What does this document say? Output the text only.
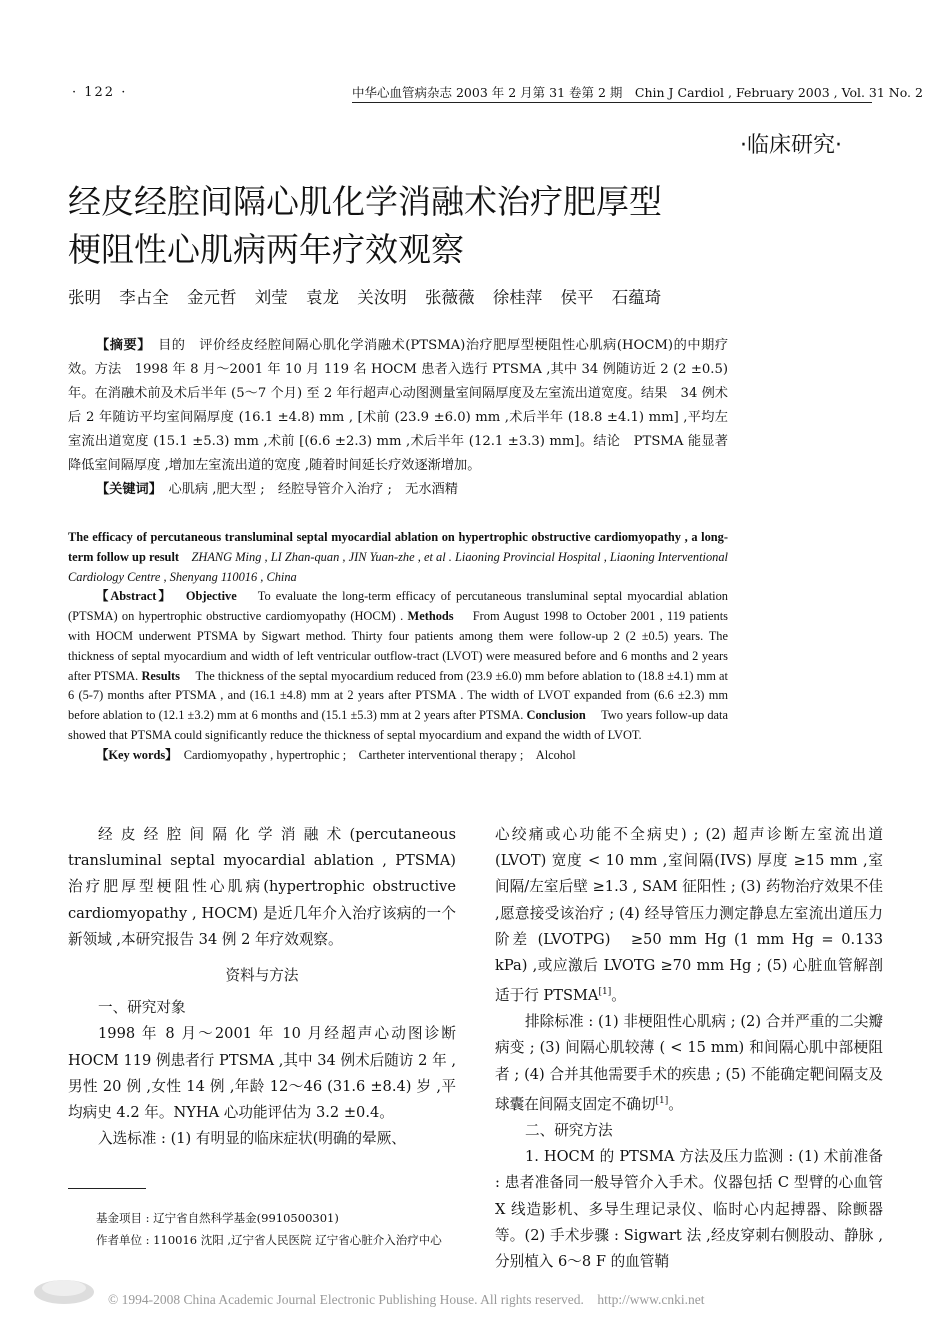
· 122 ·	中华心血管病杂志 2003 年 2 月第 31 卷第 2 期　Chin J Cardiol , February 2003 , Vol. 31 No. 2
·临床研究·
经皮经腔间隔心肌化学消融术治疗肥厚型
梗阻性心肌病两年疗效观察
张明 李占全 金元哲 刘莹 袁龙 关汝明 张薇薇 徐桂萍 侯平 石蕴琦

【摘要】　 目的　评价经皮经腔间隔心肌化学消融术(PTSMA)治疗肥厚型梗阻性心肌病(HOCM)的中期疗效。方法　1998 年 8 月～2001 年 10 月 119 名 HOCM 患者入选行 PTSMA ,其中 34 例随访近 2 (2 ±0.5) 年。在消融术前及术后半年 (5～7 个月) 至 2 年行超声心动图测量室间隔厚度及左室流出道宽度。结果　34 例术后 2 年随访平均室间隔厚度 (16.1 ±4.8) mm , [术前 (23.9 ±6.0) mm ,术后半年 (18.8 ±4.1) mm] ,平均左室流出道宽度 (15.1 ±5.3) mm ,术前 [(6.6 ±2.3) mm ,术后半年 (12.1 ±3.3) mm]。结论　PTSMA 能显著降低室间隔厚度 ,增加左室流出道的宽度 ,随着时间延长疗效逐渐增加。

【关键词】　 心肌病 ,肥大型 ;　经腔导管介入治疗 ;　无水酒精

The efficacy of percutaneous transluminal septal myocardial ablation on hypertrophic obstructive cardiomyopathy , a long-term follow up result　 ZHANG Ming , LI Zhan-quan , JIN Yuan-zhe , et al . Liaoning Provincial Hospital , Liaoning Interventional Cardiology Centre , Shenyang 110016 , China

【Abstract】　 Objective　 To evaluate the long-term efficacy of percutaneous transluminal septal myocardial ablation (PTSMA) on hypertrophic obstructive cardiomyopathy (HOCM) . Methods　 From August 1998 to October 2001 , 119 patients with HOCM underwent PTSMA by Sigwart method. Thirty four patients among them were follow-up 2 (2 ±0.5) years. The thickness of septal myocardium and width of left ventricular outflow-tract (LVOT) were measured before and 6 months and 2 years after PTSMA. Results　 The thickness of the septal myocardium reduced from (23.9 ±6.0) mm before ablation to (18.8 ±4.1) mm at 6 (5-7) months after PTSMA , and (16.1 ±4.8) mm at 2 years after PTSMA . The width of LVOT expanded from (6.6 ±2.3) mm before ablation to (12.1 ±3.2) mm at 6 months and (15.1 ±5.3) mm at 2 years after PTSMA. Conclusion　 Two years follow-up data showed that PTSMA could significantly reduce the thickness of septal myocardium and expand the width of LVOT.

【Key words】　 Cardiomyopathy , hypertrophic ;　Cartheter interventional therapy ;　Alcohol

经皮经腔间隔化学消融术(percutaneous transluminal septal myocardial ablation , PTSMA) 治疗肥厚型梗阻性心肌病(hypertrophic obstructive cardiomyopathy , HOCM) 是近几年介入治疗该病的一个新领域 ,本研究报告 34 例 2 年疗效观察。

资料与方法

一、研究对象

1998 年 8 月～2001 年 10 月经超声心动图诊断 HOCM 119 例患者行 PTSMA ,其中 34 例术后随访 2 年 ,男性 20 例 ,女性 14 例 ,年龄 12～46 (31.6 ±8.4) 岁 ,平均病史 4.2 年。NYHA 心功能评估为 3.2 ±0.4。

入选标准 : (1) 有明显的临床症状(明确的晕厥、

心绞痛或心功能不全病史) ; (2) 超声诊断左室流出道(LVOT) 宽度 < 10 mm ,室间隔(IVS) 厚度 ≥15 mm ,室间隔/左室后壁 ≥1.3 , SAM 征阳性 ; (3) 药物治疗效果不佳 ,愿意接受该治疗 ; (4) 经导管压力测定静息左室流出道压力阶差 (LVOTPG)　≥50 mm Hg (1 mm Hg = 0.133 kPa) ,或应激后 LVOTG ≥70 mm Hg ; (5) 心脏血管解剖适于行 PTSMA[1]。

排除标准 : (1) 非梗阻性心肌病 ; (2) 合并严重的二尖瓣病变 ; (3) 间隔心肌较薄 ( < 15 mm) 和间隔心肌中部梗阻者 ; (4) 合并其他需要手术的疾患 ; (5) 不能确定靶间隔支及球囊在间隔支固定不确切[1]。

二、研究方法

1. HOCM 的 PTSMA 方法及压力监测 : (1) 术前准备 : 患者准备同一般导管介入手术。仪器包括 C 型臂的心血管 X 线造影机、多导生理记录仪、临时心内起搏器、除颤器等。(2) 手术步骤 : Sigwart 法 ,经皮穿刺右侧股动、静脉 ,分别植入 6～8 F 的血管鞘

基金项目 : 辽宁省自然科学基金(9910500301)

作者单位 : 110016 沈阳 ,辽宁省人民医院 辽宁省心脏介入治疗中心

© 1994-2008 China Academic Journal Electronic Publishing House. All rights reserved.　http://www.cnki.net
